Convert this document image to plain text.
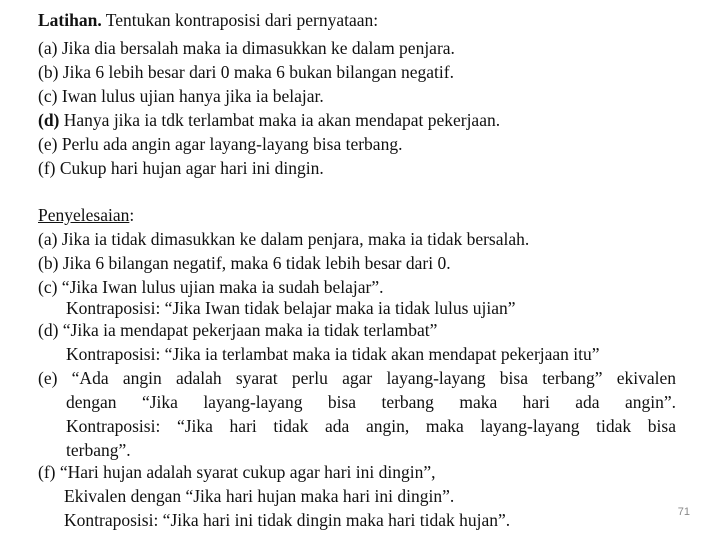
Latihan. Tentukan kontraposisi dari pernyataan:
(a) Jika dia bersalah maka ia dimasukkan ke dalam penjara.
(b) Jika 6 lebih besar dari 0 maka 6 bukan bilangan negatif.
(c) Iwan lulus ujian hanya jika ia belajar.
(d) Hanya jika ia tdk terlambat maka ia akan mendapat pekerjaan.
(e) Perlu ada angin agar layang-layang bisa terbang.
(f) Cukup hari hujan agar hari ini dingin.
Penyelesaian:
(a) Jika ia tidak dimasukkan ke dalam penjara, maka ia tidak bersalah.
(b) Jika 6 bilangan negatif, maka 6 tidak lebih besar dari 0.
(c) “Jika Iwan lulus ujian maka ia sudah belajar”.
Kontraposisi: “Jika Iwan tidak belajar maka ia tidak lulus ujian”
(d) “Jika ia mendapat pekerjaan maka ia tidak terlambat”
Kontraposisi: “Jika ia terlambat maka ia tidak akan mendapat pekerjaan itu”
(e) “Ada angin adalah syarat perlu agar layang-layang bisa terbang” ekivalen
dengan “Jika layang-layang bisa terbang maka hari ada angin”.
Kontraposisi: “Jika hari tidak ada angin, maka layang-layang tidak bisa
terbang”.
(f) “Hari hujan adalah syarat cukup agar hari ini dingin”,
Ekivalen dengan “Jika hari hujan maka hari ini dingin”.
Kontraposisi: “Jika hari ini tidak dingin maka hari tidak hujan”.	71
